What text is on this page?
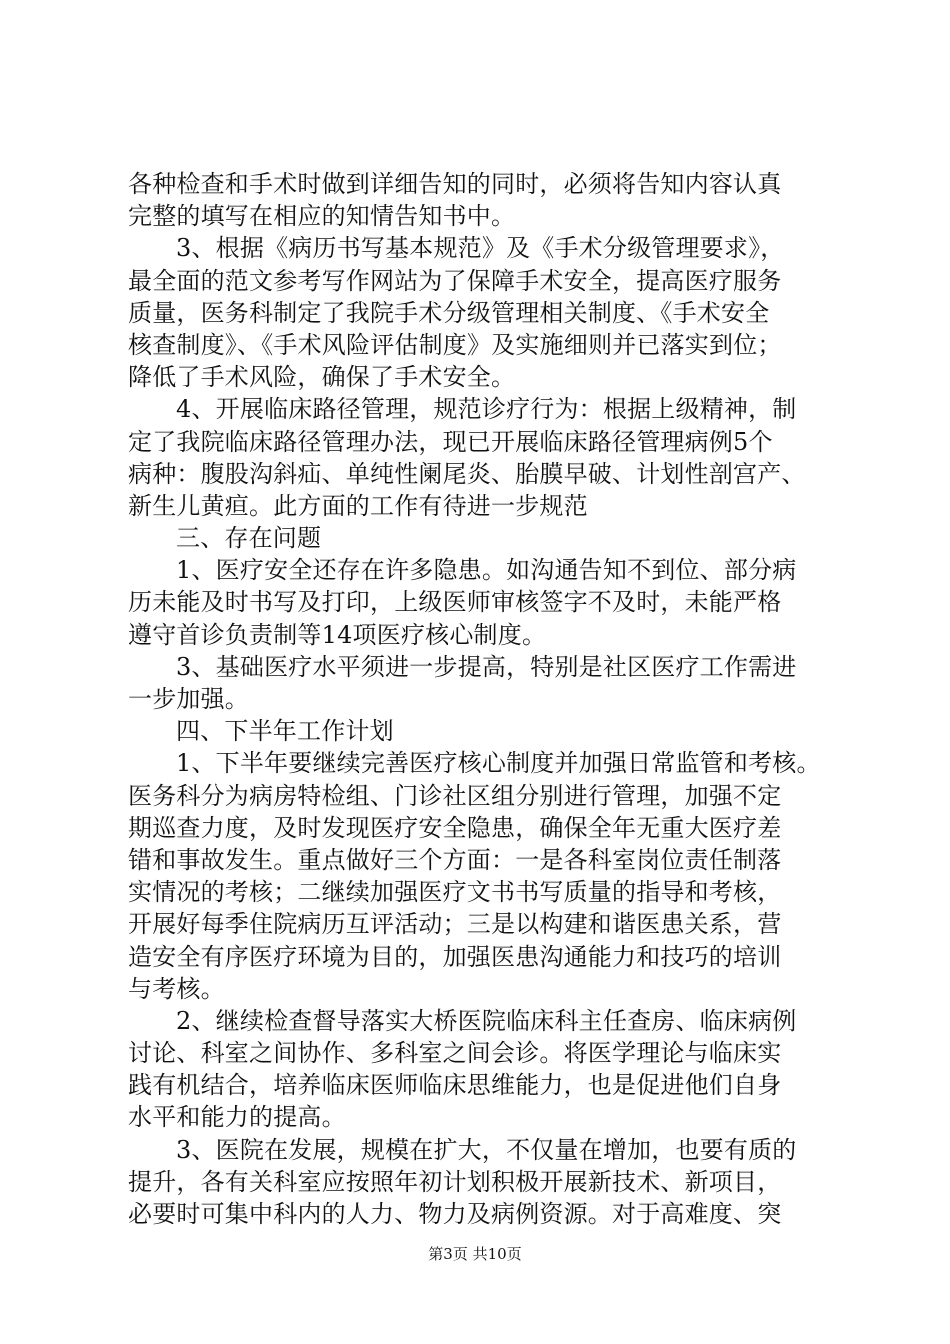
各种检查和手术时做到详细告知的同时，必须将告知内容认真
完整的填写在相应的知情告知书中。
3、根据《病历书写基本规范》及《手术分级管理要求》，
最全面的范文参考写作网站为了保障手术安全，提高医疗服务
质量，医务科制定了我院手术分级管理相关制度、《手术安全
核查制度》、《手术风险评估制度》及实施细则并已落实到位；
降低了手术风险，确保了手术安全。
4、开展临床路径管理，规范诊疗行为：根据上级精神，制
定了我院临床路径管理办法，现已开展临床路径管理病例5个
病种：腹股沟斜疝、单纯性阑尾炎、胎膜早破、计划性剖宫产、
新生儿黄疸。此方面的工作有待进一步规范
三、存在问题
1、医疗安全还存在许多隐患。如沟通告知不到位、部分病
历未能及时书写及打印，上级医师审核签字不及时，未能严格
遵守首诊负责制等14项医疗核心制度。
3、基础医疗水平须进一步提高，特别是社区医疗工作需进
一步加强。
四、下半年工作计划
1、下半年要继续完善医疗核心制度并加强日常监管和考核。
医务科分为病房特检组、门诊社区组分别进行管理，加强不定
期巡查力度，及时发现医疗安全隐患，确保全年无重大医疗差
错和事故发生。重点做好三个方面：一是各科室岗位责任制落
实情况的考核；二继续加强医疗文书书写质量的指导和考核，
开展好每季住院病历互评活动；三是以构建和谐医患关系，营
造安全有序医疗环境为目的，加强医患沟通能力和技巧的培训
与考核。
2、继续检查督导落实大桥医院临床科主任查房、临床病例
讨论、科室之间协作、多科室之间会诊。将医学理论与临床实
践有机结合，培养临床医师临床思维能力，也是促进他们自身
水平和能力的提高。
3、医院在发展，规模在扩大，不仅量在增加，也要有质的
提升，各有关科室应按照年初计划积极开展新技术、新项目，
必要时可集中科内的人力、物力及病例资源。对于高难度、突
第3页 共10页
